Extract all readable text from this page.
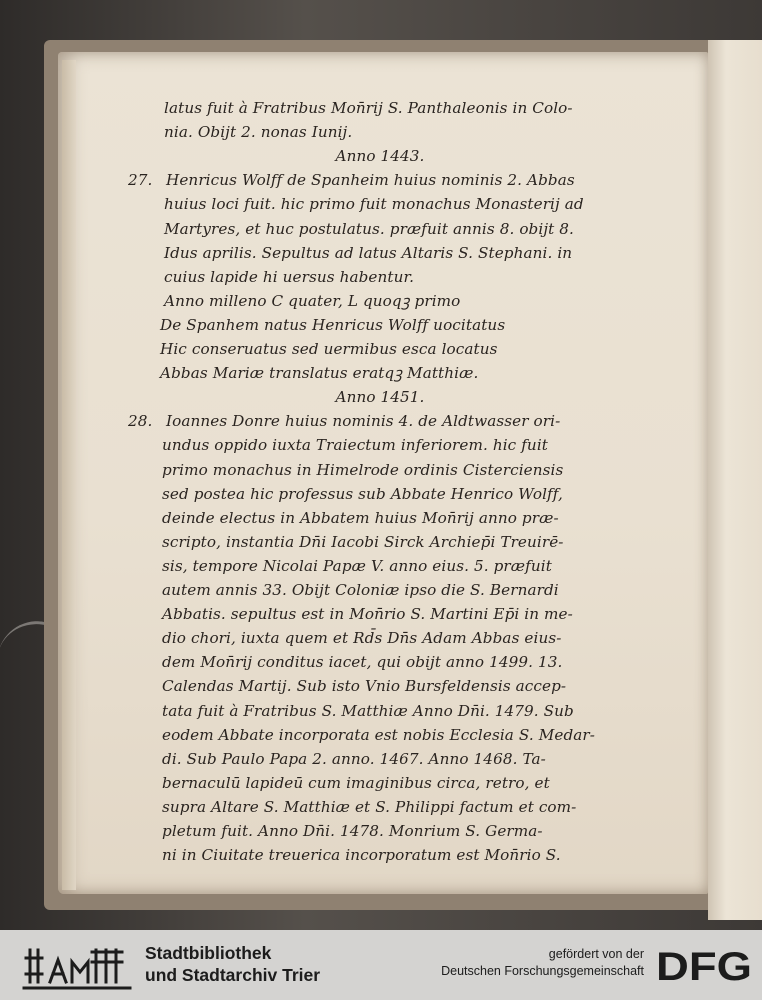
latus fuit à Fratribus Mon̄rij S. Panthaleonis in Colo-
nia. Obijt 2. nonas Iunij.
Anno 1443.
27. Henricus Wolff de Spanheim huius nominis 2. Abbas
huius loci fuit. hic primo fuit monachus Monasterij ad
Martyres, et huc postulatus. præfuit annis 8. obijt 8.
Idus aprilis. Sepultus ad latus Altaris S. Stephani. in
cuius lapide hi uersus habentur.
Anno milleno C quater, L quoqꝫ primo
De Spanhem natus Henricus Wolff uocitatus
Hic conseruatus sed uermibus esca locatus
Abbas Mariæ translatus eratqꝫ Matthiæ.
Anno 1451.
28. Ioannes Donre huius nominis 4. de Aldtwasser ori-
undus oppido iuxta Traiectum inferiorem. hic fuit
primo monachus in Himelrode ordinis Cisterciensis
sed postea hic professus sub Abbate Henrico Wolff,
deinde electus in Abbatem huius Mon̄rij anno præ-
scripto, instantia Dn̄i Iacobi Sirck Archiep̄i Treuirē-
sis, tempore Nicolai Papæ V. anno eius. 5. præfuit
autem annis 33. Obijt Coloniæ ipso die S. Bernardi
Abbatis. sepultus est in Mon̄rio S. Martini Ep̄i in me-
dio chori, iuxta quem et Rd̄s Dn̄s Adam Abbas eius-
dem Mon̄rij conditus iacet, qui obijt anno 1499. 13.
Calendas Martij. Sub isto Vnio Bursfeldensis accep-
tata fuit à Fratribus S. Matthiæ Anno Dn̄i. 1479. Sub
eodem Abbate incorporata est nobis Ecclesia S. Medar-
di. Sub Paulo Papa 2. anno. 1467. Anno 1468. Ta-
bernaculū lapideū cum imaginibus circa, retro, et
supra Altare S. Matthiæ et S. Philippi factum et com-
pletum fuit. Anno Dn̄i. 1478. Monrium S. Germa-
ni in Ciuitate treuerica incorporatum est Mon̄rio S.
Stadtbibliothek
und Stadtarchiv Trier
gefördert von der
Deutschen Forschungsgemeinschaft DFG
